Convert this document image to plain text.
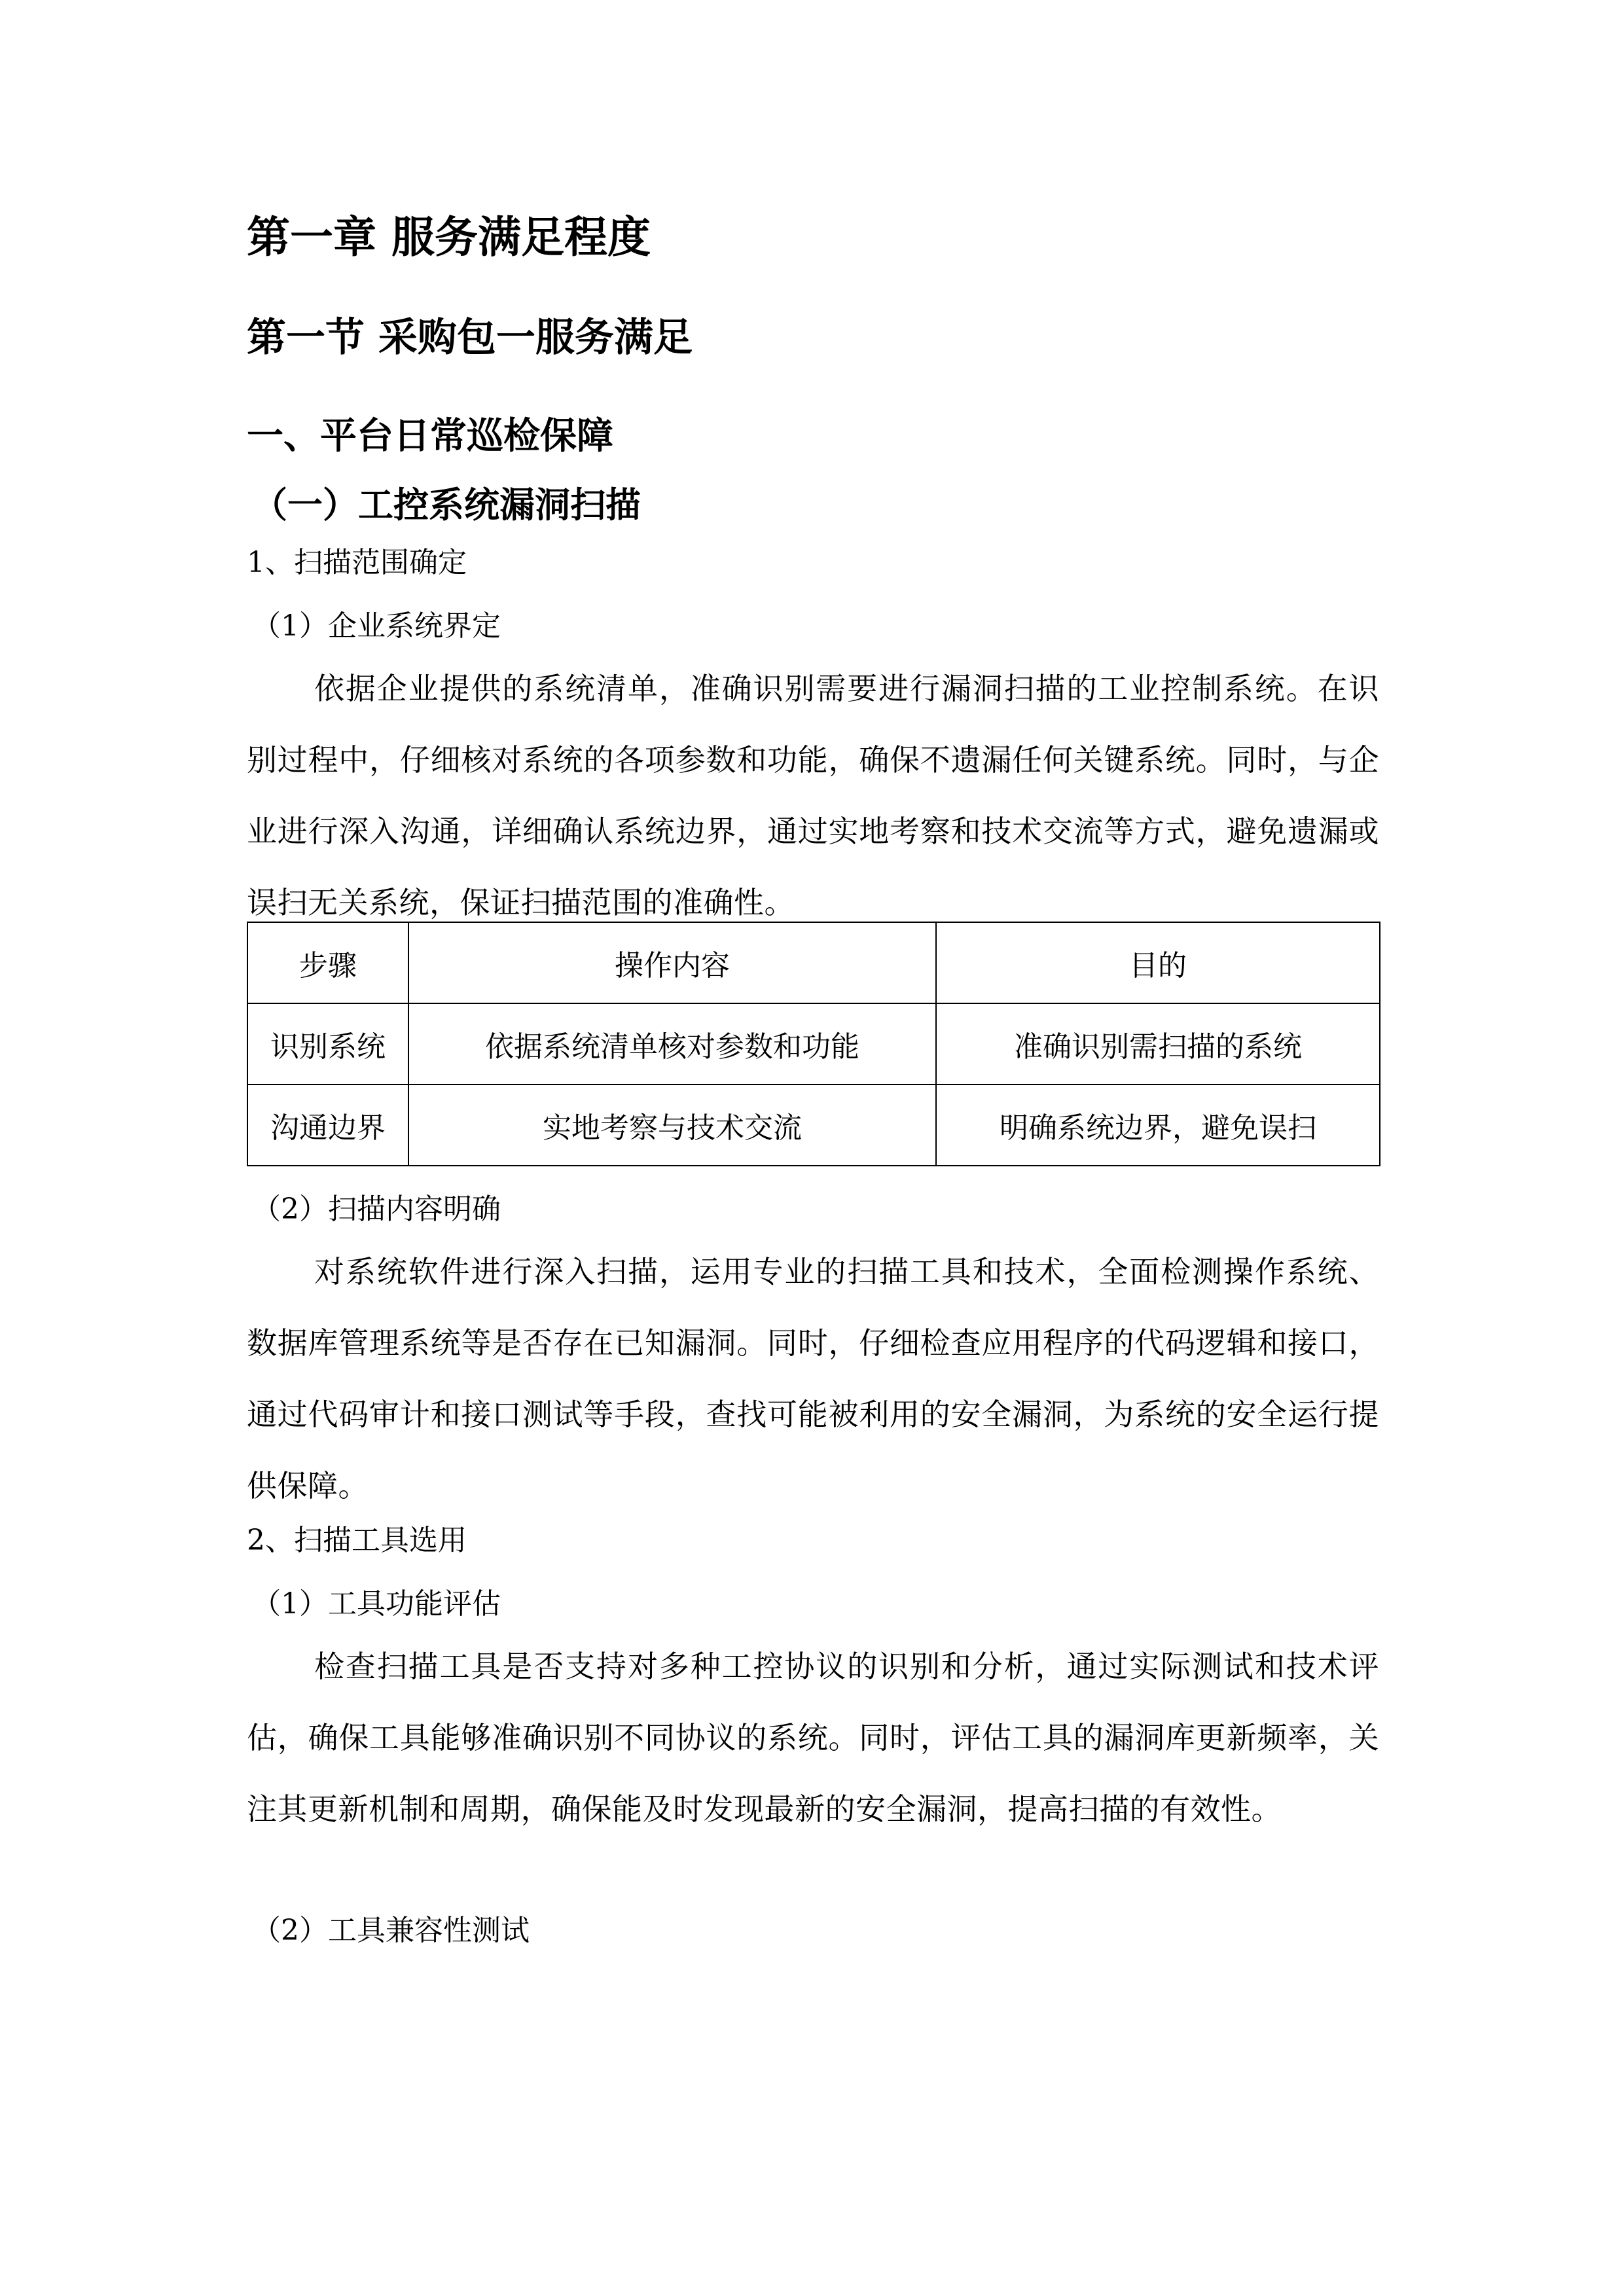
第一章 服务满足程度
第一节 采购包一服务满足
一、平台日常巡检保障
（一）工控系统漏洞扫描
1、扫描范围确定
（1）企业系统界定

依据企业提供的系统清单，准确识别需要进行漏洞扫描的工业控制系统。在识别过程中，仔细核对系统的各项参数和功能，确保不遗漏任何关键系统。同时，与企业进行深入沟通，详细确认系统边界，通过实地考察和技术交流等方式，避免遗漏或误扫无关系统，保证扫描范围的准确性。

步骤	操作内容	目的
识别系统	依据系统清单核对参数和功能	准确识别需扫描的系统
沟通边界	实地考察与技术交流	明确系统边界，避免误扫
（2）扫描内容明确

对系统软件进行深入扫描，运用专业的扫描工具和技术，全面检测操作系统、数据库管理系统等是否存在已知漏洞。同时，仔细检查应用程序的代码逻辑和接口，通过代码审计和接口测试等手段，查找可能被利用的安全漏洞，为系统的安全运行提供保障。

2、扫描工具选用
（1）工具功能评估

检查扫描工具是否支持对多种工控协议的识别和分析，通过实际测试和技术评估，确保工具能够准确识别不同协议的系统。同时，评估工具的漏洞库更新频率，关注其更新机制和周期，确保能及时发现最新的安全漏洞，提高扫描的有效性。

（2）工具兼容性测试
